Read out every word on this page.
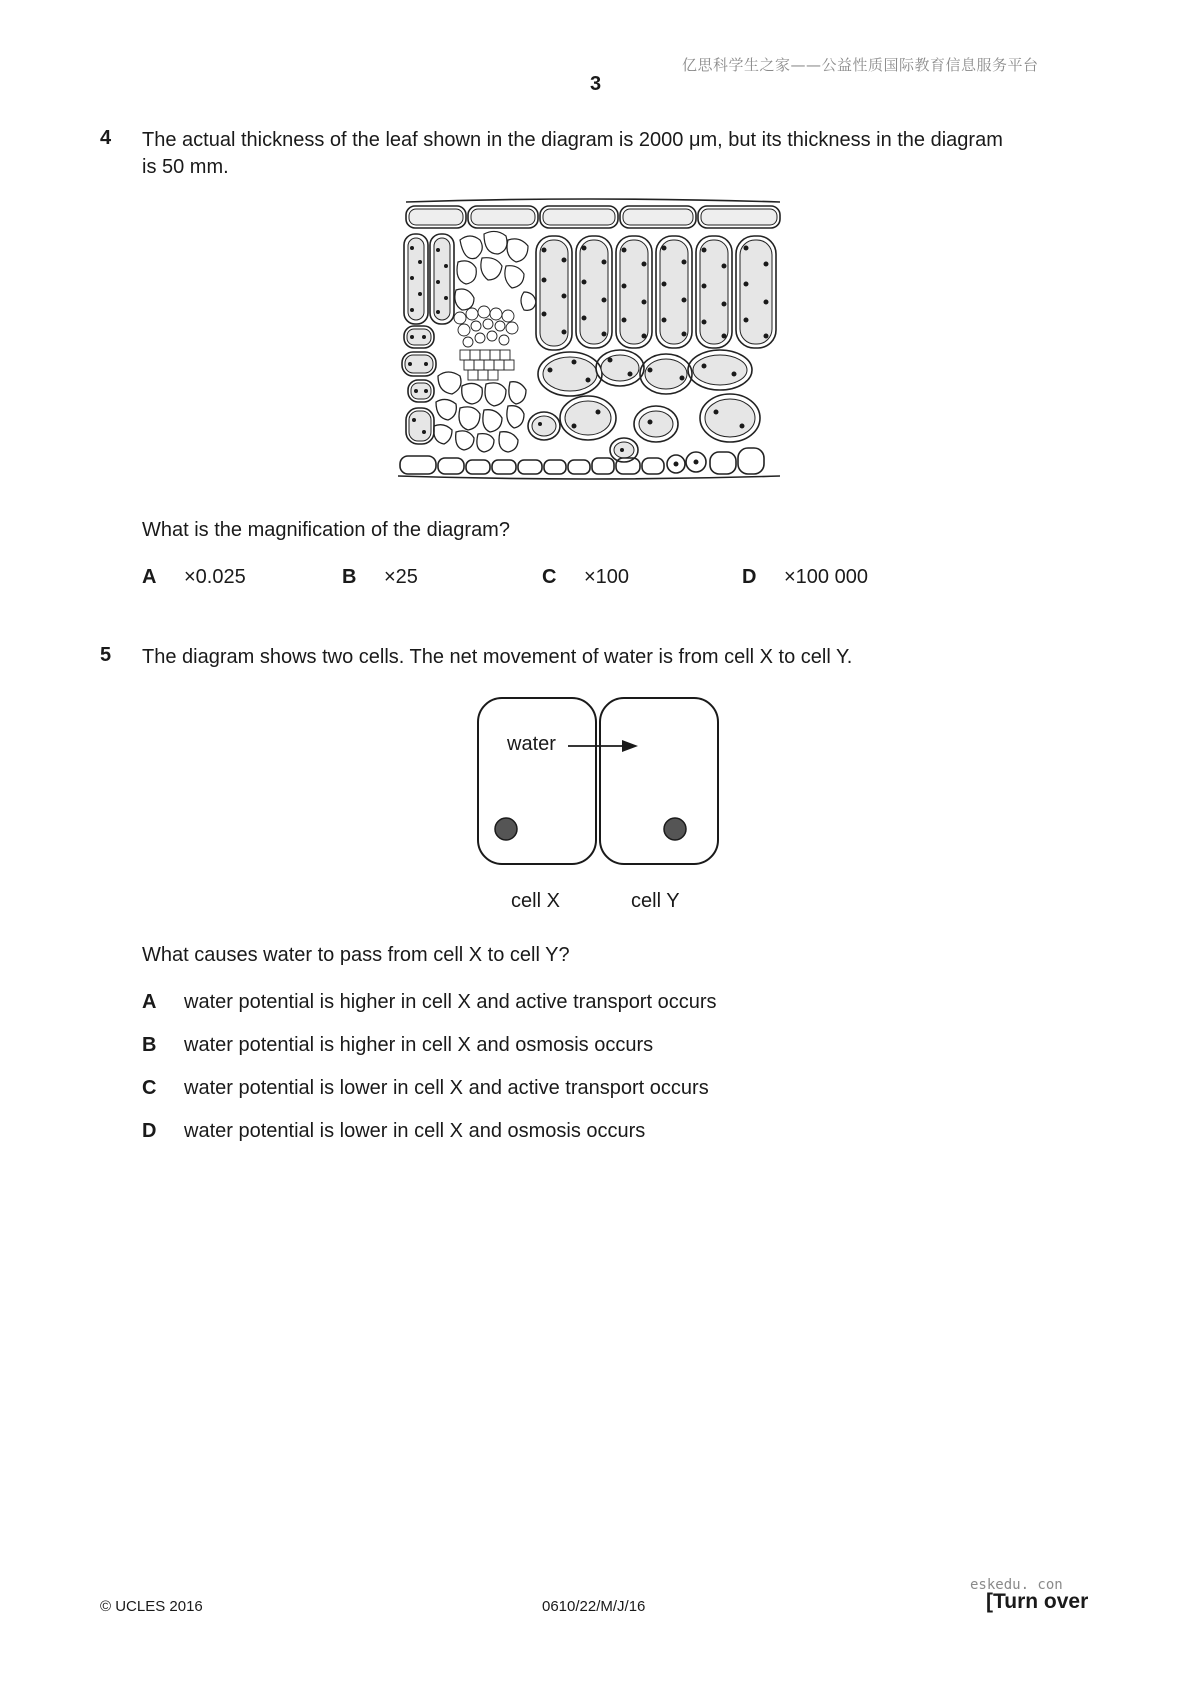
亿思科学生之家——公益性质国际教育信息服务平台
3
4 The actual thickness of the leaf shown in the diagram is 2000 μm, but its thickness in the diagram
is 50 mm.
What is the magnification of the diagram?
A ×0.025	B ×25	C ×100	D ×100 000
5 The diagram shows two cells. The net movement of water is from cell X to cell Y.
water
cell X	cell Y
What causes water to pass from cell X to cell Y?
A water potential is higher in cell X and active transport occurs
B water potential is higher in cell X and osmosis occurs
C water potential is lower in cell X and active transport occurs
D water potential is lower in cell X and osmosis occurs
eskedu. con
© UCLES 2016	0610/22/M/J/16	[Turn over
